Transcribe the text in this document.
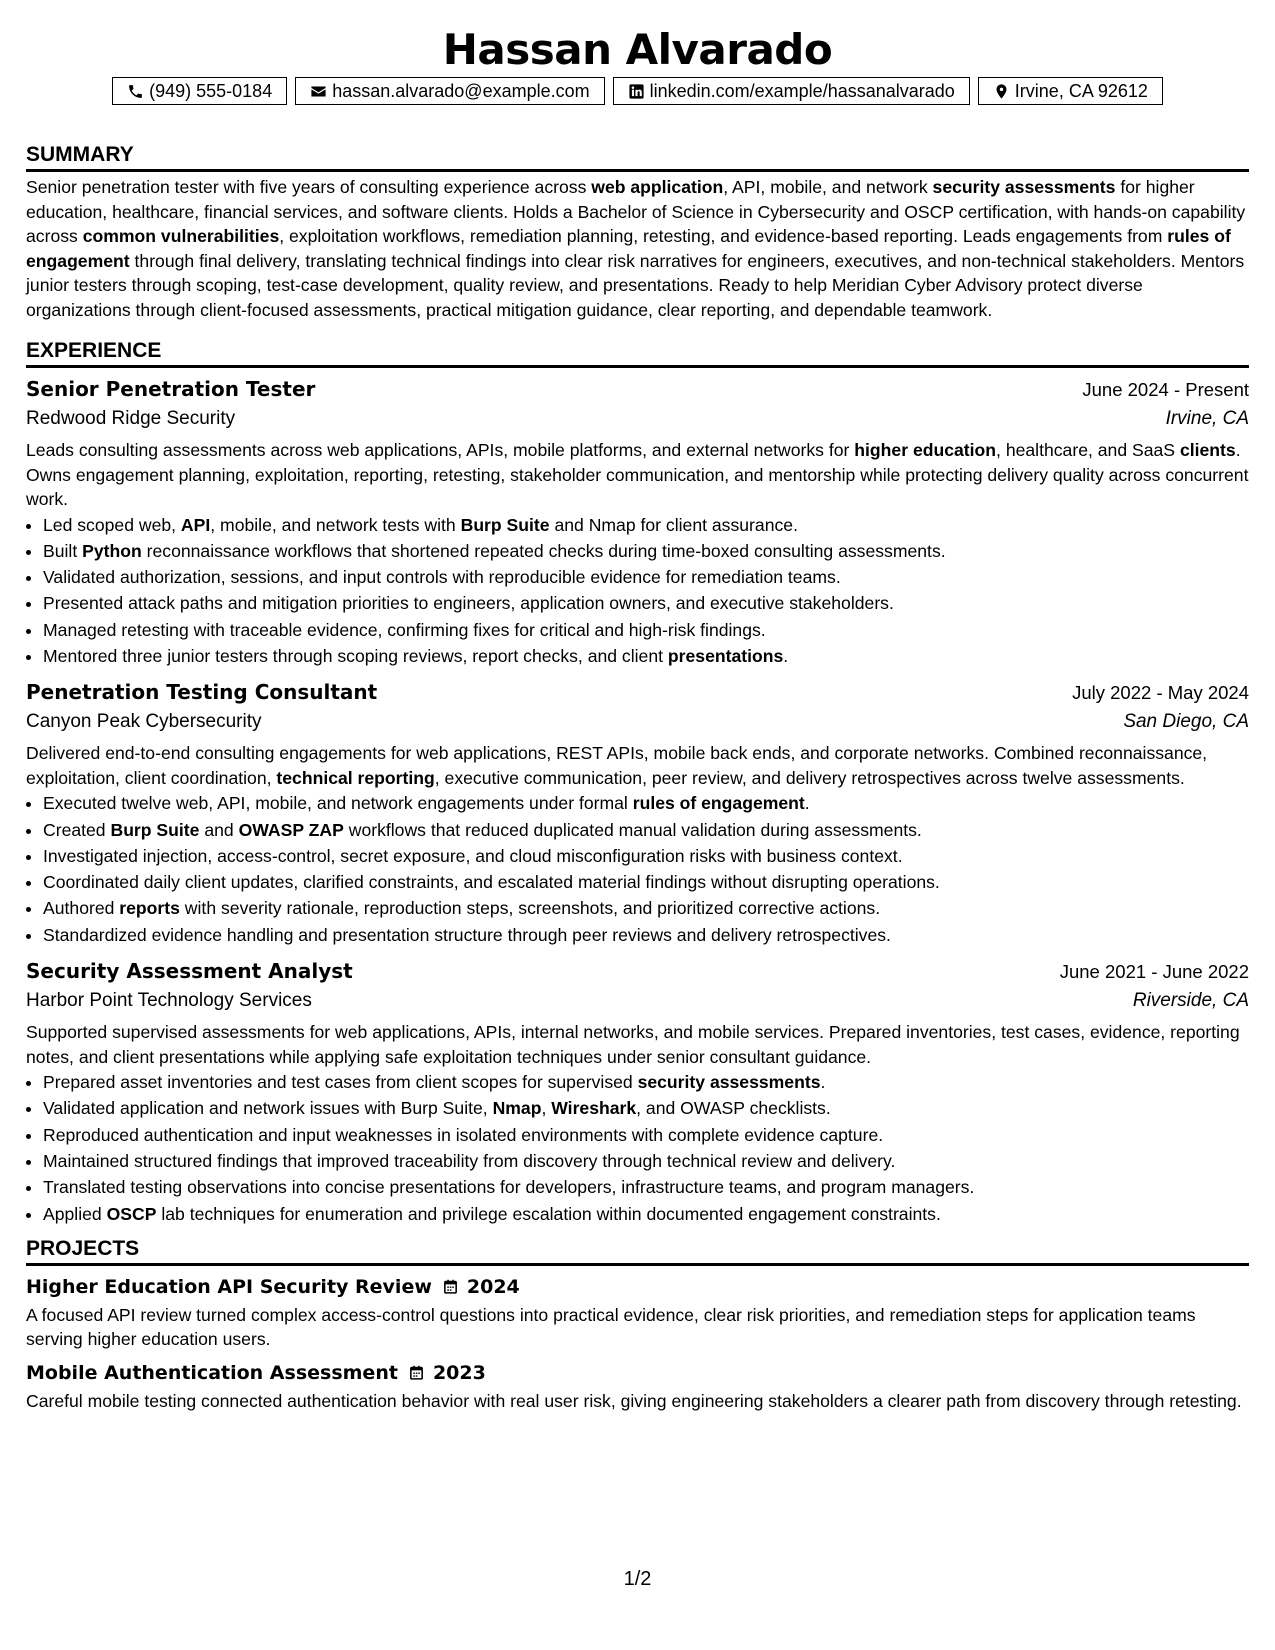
Hassan Alvarado
(949) 555-0184	hassan.alvarado@example.com	linkedin.com/example/hassanalvarado	Irvine, CA 92612
SUMMARY

Senior penetration tester with five years of consulting experience across web application, API, mobile, and network security assessments for higher education, healthcare, financial services, and software clients. Holds a Bachelor of Science in Cybersecurity and OSCP certification, with hands-on capability across common vulnerabilities, exploitation workflows, remediation planning, retesting, and evidence-based reporting. Leads engagements from rules of engagement through final delivery, translating technical findings into clear risk narratives for engineers, executives, and non-technical stakeholders. Mentors junior testers through scoping, test-case development, quality review, and presentations. Ready to help Meridian Cyber Advisory protect diverse organizations through client-focused assessments, practical mitigation guidance, clear reporting, and dependable teamwork.

EXPERIENCE
Senior Penetration Tester	June 2024 - Present
Redwood Ridge Security	Irvine, CA

Leads consulting assessments across web applications, APIs, mobile platforms, and external networks for higher education, healthcare, and SaaS clients. Owns engagement planning, exploitation, reporting, retesting, stakeholder communication, and mentorship while protecting delivery quality across concurrent work.

• Led scoped web, API, mobile, and network tests with Burp Suite and Nmap for client assurance.
• Built Python reconnaissance workflows that shortened repeated checks during time-boxed consulting assessments.
• Validated authorization, sessions, and input controls with reproducible evidence for remediation teams.
• Presented attack paths and mitigation priorities to engineers, application owners, and executive stakeholders.
• Managed retesting with traceable evidence, confirming fixes for critical and high-risk findings.
• Mentored three junior testers through scoping reviews, report checks, and client presentations.
Penetration Testing Consultant	July 2022 - May 2024
Canyon Peak Cybersecurity	San Diego, CA

Delivered end-to-end consulting engagements for web applications, REST APIs, mobile back ends, and corporate networks. Combined reconnaissance, exploitation, client coordination, technical reporting, executive communication, peer review, and delivery retrospectives across twelve assessments.

• Executed twelve web, API, mobile, and network engagements under formal rules of engagement.
• Created Burp Suite and OWASP ZAP workflows that reduced duplicated manual validation during assessments.
• Investigated injection, access-control, secret exposure, and cloud misconfiguration risks with business context.
• Coordinated daily client updates, clarified constraints, and escalated material findings without disrupting operations.
• Authored reports with severity rationale, reproduction steps, screenshots, and prioritized corrective actions.
• Standardized evidence handling and presentation structure through peer reviews and delivery retrospectives.
Security Assessment Analyst	June 2021 - June 2022
Harbor Point Technology Services	Riverside, CA

Supported supervised assessments for web applications, APIs, internal networks, and mobile services. Prepared inventories, test cases, evidence, reporting notes, and client presentations while applying safe exploitation techniques under senior consultant guidance.

• Prepared asset inventories and test cases from client scopes for supervised security assessments.
• Validated application and network issues with Burp Suite, Nmap, Wireshark, and OWASP checklists.
• Reproduced authentication and input weaknesses in isolated environments with complete evidence capture.
• Maintained structured findings that improved traceability from discovery through technical review and delivery.
• Translated testing observations into concise presentations for developers, infrastructure teams, and program managers.
• Applied OSCP lab techniques for enumeration and privilege escalation within documented engagement constraints.
PROJECTS
Higher Education API Security Review 2024

A focused API review turned complex access-control questions into practical evidence, clear risk priorities, and remediation steps for application teams serving higher education users.

Mobile Authentication Assessment 2023

Careful mobile testing connected authentication behavior with real user risk, giving engineering stakeholders a clearer path from discovery through retesting.

1/2
